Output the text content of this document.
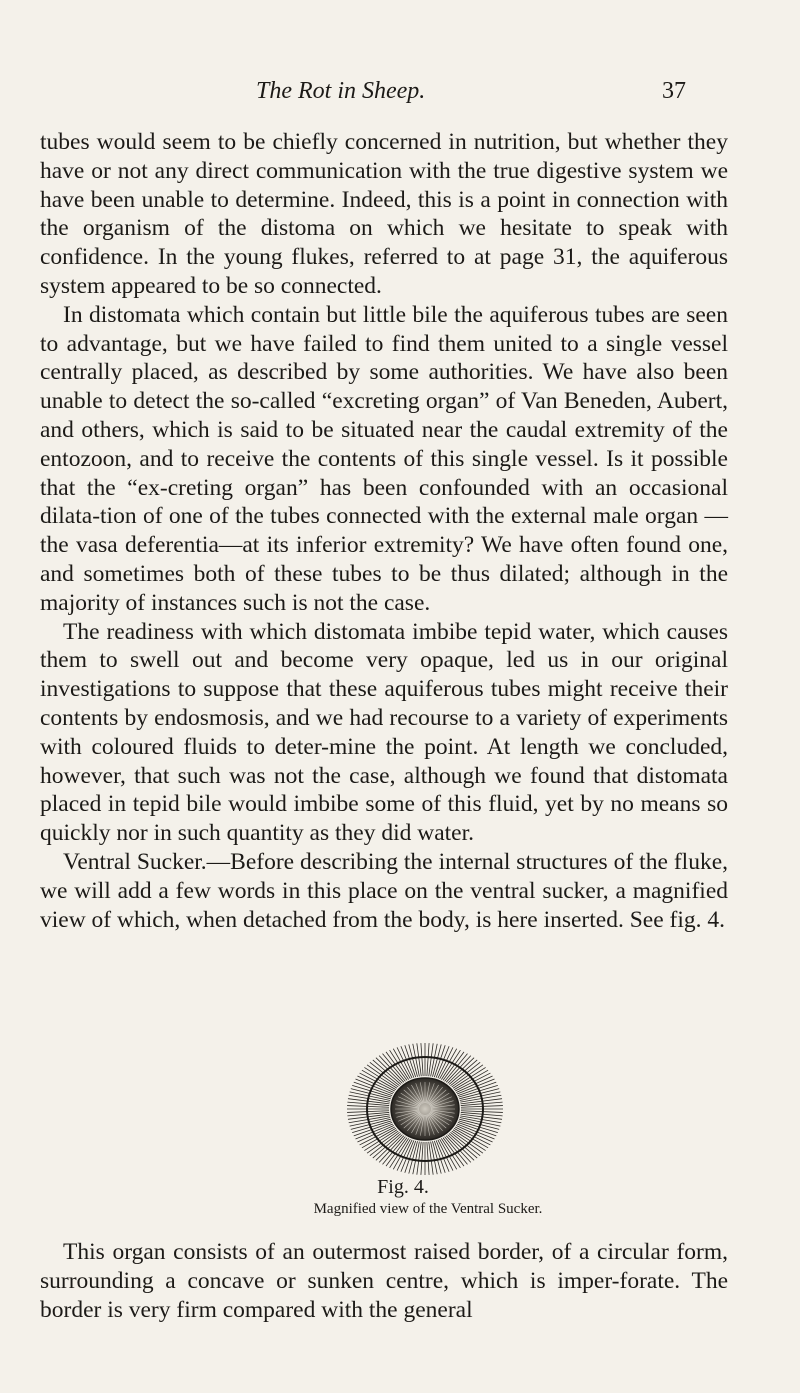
The Rot in Sheep.	37

tubes would seem to be chiefly concerned in nutrition, but whether they have or not any direct communication with the true digestive system we have been unable to determine. Indeed, this is a point in connection with the organism of the distoma on which we hesitate to speak with confidence. In the young flukes, referred to at page 31, the aquiferous system appeared to be so connected.

In distomata which contain but little bile the aquiferous tubes are seen to advantage, but we have failed to find them united to a single vessel centrally placed, as described by some authorities. We have also been unable to detect the so-called “excreting organ” of Van Beneden, Aubert, and others, which is said to be situated near the caudal extremity of the entozoon, and to receive the contents of this single vessel. Is it possible that the “ex-creting organ” has been confounded with an occasional dilata-tion of one of the tubes connected with the external male organ —the vasa deferentia—at its inferior extremity? We have often found one, and sometimes both of these tubes to be thus dilated; although in the majority of instances such is not the case.

The readiness with which distomata imbibe tepid water, which causes them to swell out and become very opaque, led us in our original investigations to suppose that these aquiferous tubes might receive their contents by endosmosis, and we had recourse to a variety of experiments with coloured fluids to deter-mine the point. At length we concluded, however, that such was not the case, although we found that distomata placed in tepid bile would imbibe some of this fluid, yet by no means so quickly nor in such quantity as they did water.

Ventral Sucker.—Before describing the internal structures of the fluke, we will add a few words in this place on the ventral sucker, a magnified view of which, when detached from the body, is here inserted. See fig. 4.

Fig. 4.
Magnified view of the Ventral Sucker.

This organ consists of an outermost raised border, of a circular form, surrounding a concave or sunken centre, which is imper-forate. The border is very firm compared with the general
